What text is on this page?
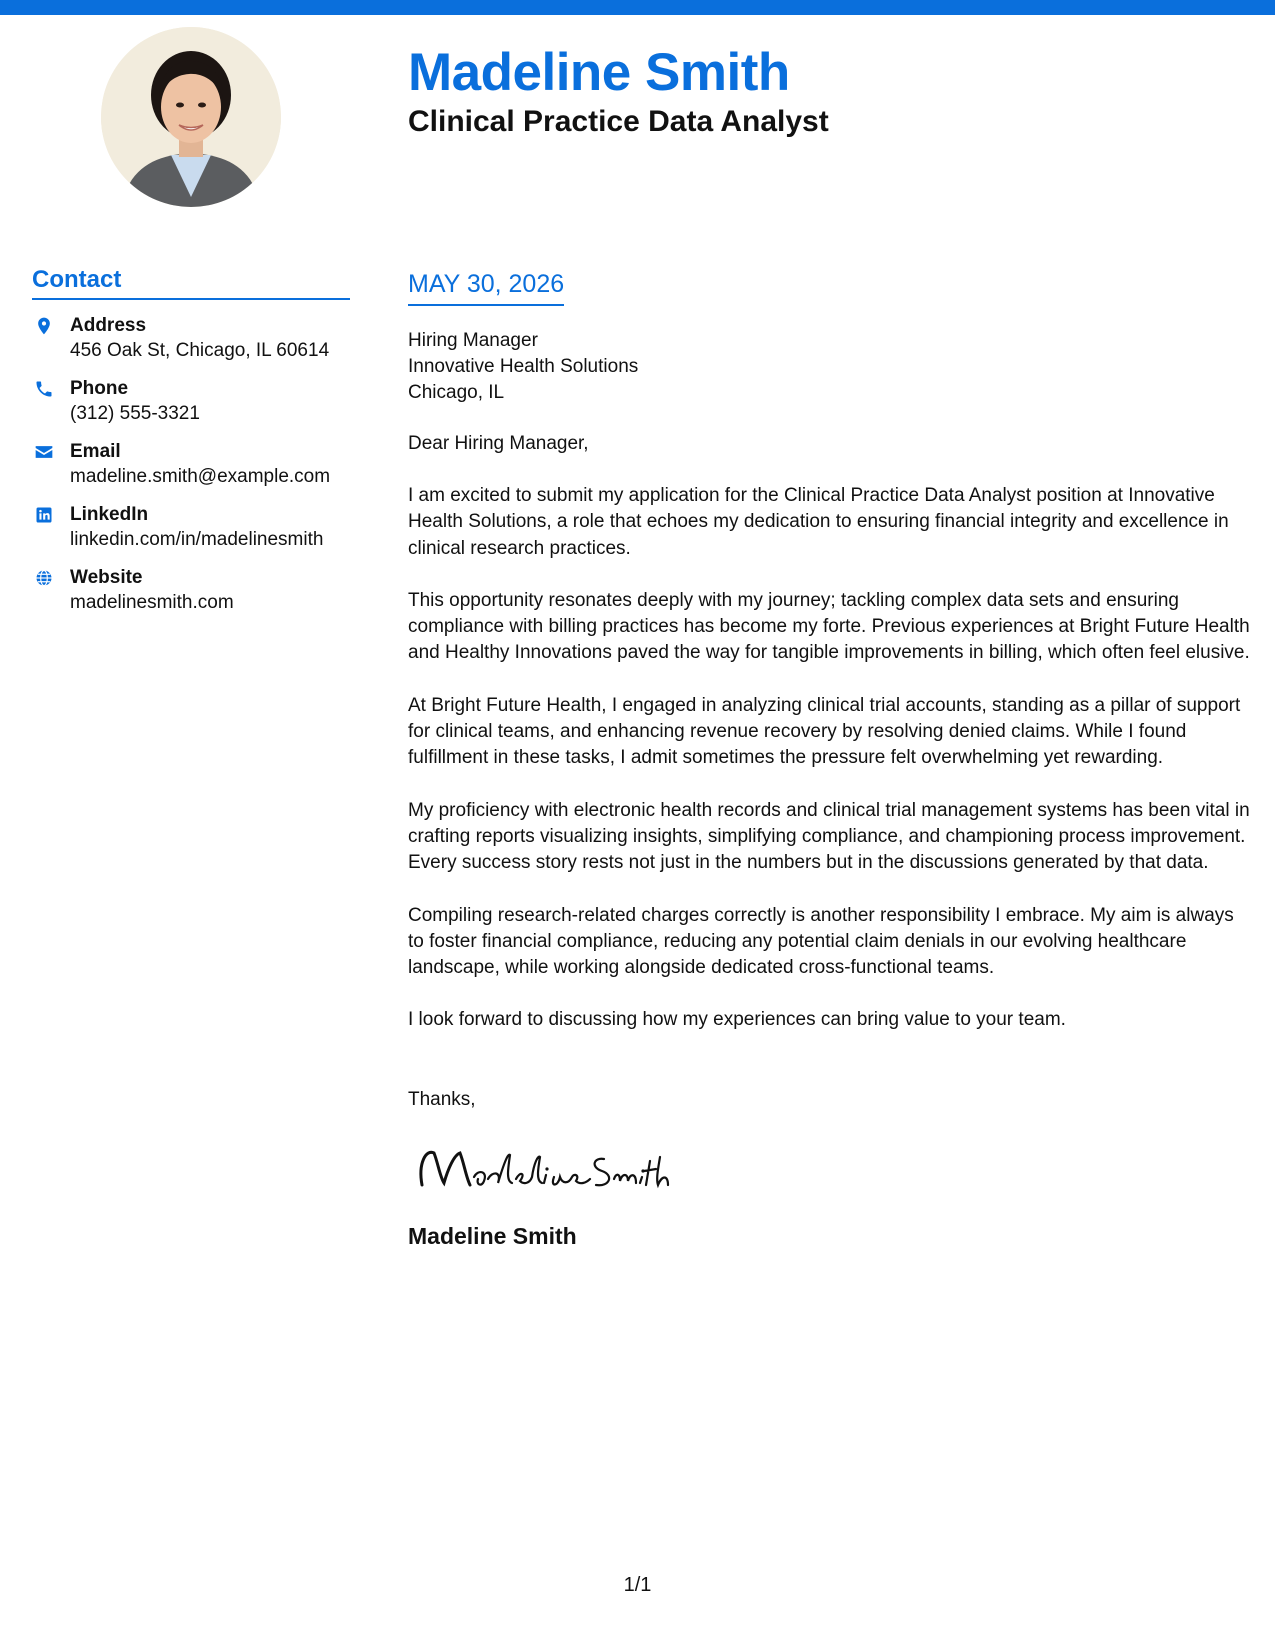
Madeline Smith
Clinical Practice Data Analyst
Contact
Address
456 Oak St, Chicago, IL 60614
Phone
(312) 555-3321
Email
madeline.smith@example.com
LinkedIn
linkedin.com/in/madelinesmith
Website
madelinesmith.com
MAY 30, 2026
Hiring Manager
Innovative Health Solutions
Chicago, IL
Dear Hiring Manager,

I am excited to submit my application for the Clinical Practice Data Analyst position at Innovative Health Solutions, a role that echoes my dedication to ensuring financial integrity and excellence in clinical research practices.

This opportunity resonates deeply with my journey; tackling complex data sets and ensuring compliance with billing practices has become my forte. Previous experiences at Bright Future Health and Healthy Innovations paved the way for tangible improvements in billing, which often feel elusive.

At Bright Future Health, I engaged in analyzing clinical trial accounts, standing as a pillar of support for clinical teams, and enhancing revenue recovery by resolving denied claims. While I found fulfillment in these tasks, I admit sometimes the pressure felt overwhelming yet rewarding.

My proficiency with electronic health records and clinical trial management systems has been vital in crafting reports visualizing insights, simplifying compliance, and championing process improvement. Every success story rests not just in the numbers but in the discussions generated by that data.

Compiling research-related charges correctly is another responsibility I embrace. My aim is always to foster financial compliance, reducing any potential claim denials in our evolving healthcare landscape, while working alongside dedicated cross-functional teams.

I look forward to discussing how my experiences can bring value to your team.

Thanks,
Madeline Smith
1/1
